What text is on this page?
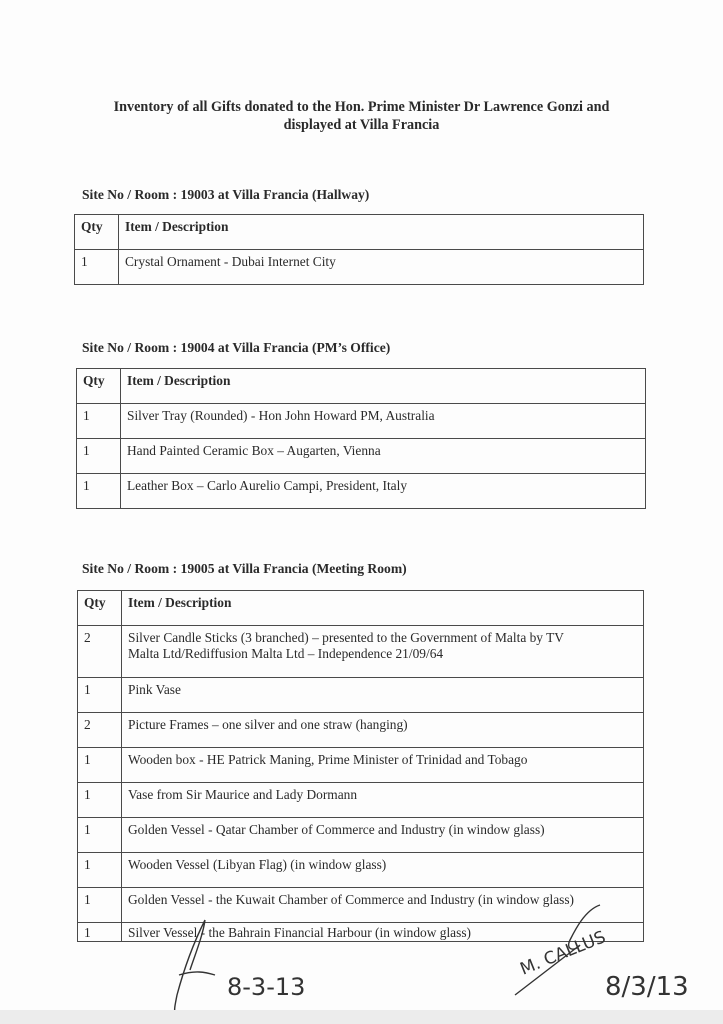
Inventory of all Gifts donated to the Hon. Prime Minister Dr Lawrence Gonzi and
displayed at Villa Francia
Site No / Room : 19003 at Villa Francia (Hallway)
Qty	Item / Description
1	Crystal Ornament - Dubai Internet City
Site No / Room : 19004 at Villa Francia (PM’s Office)
Qty	Item / Description
1	Silver Tray (Rounded) - Hon John Howard PM, Australia
1	Hand Painted Ceramic Box – Augarten, Vienna
1	Leather Box – Carlo Aurelio Campi, President, Italy
Site No / Room : 19005 at Villa Francia (Meeting Room)
Qty	Item / Description
2	Silver Candle Sticks (3 branched) – presented to the Government of Malta by TV
Malta Ltd/Rediffusion Malta Ltd – Independence 21/09/64

1	Pink Vase
2	Picture Frames – one silver and one straw (hanging)
1	Wooden box - HE Patrick Maning, Prime Minister of Trinidad and Tobago
1	Vase from Sir Maurice and Lady Dormann
1	Golden Vessel - Qatar Chamber of Commerce and Industry (in window glass)
1	Wooden Vessel (Libyan Flag) (in window glass)
1	Golden Vessel - the Kuwait Chamber of Commerce and Industry (in window glass)
1	Silver Vessel - the Bahrain Financial Harbour (in window glass)
8-3-13
M. CALLUS
8/3/13
